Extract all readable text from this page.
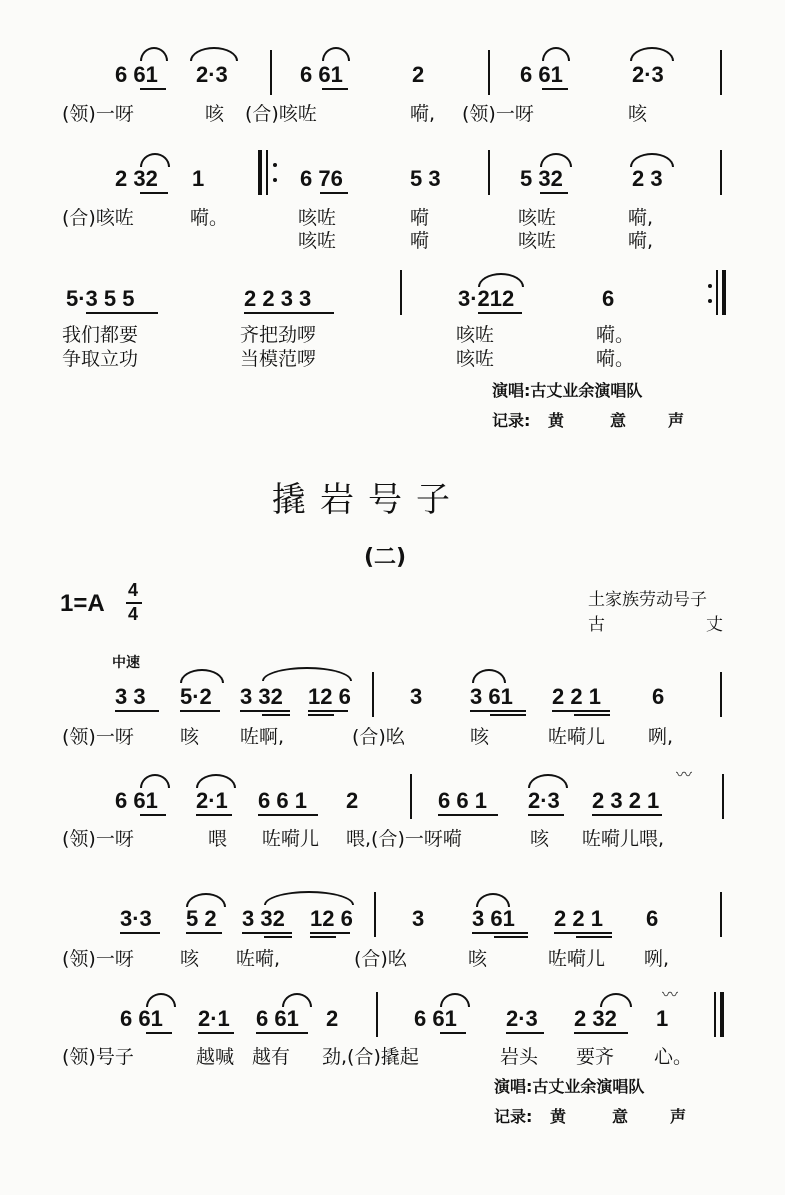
6 61 2·3	6 61	2	6 61	2·3
(领)一呀	咳 (合)咳咗	嗬, (领)一呀	咳
2 32 1	6 76	5 3	5 32	2 3
(合)咳咗	嗬。	咳咗	嗬	咳咗	嗬,
咳咗	嗬	咳咗	嗬,
5·3 5 5	2 2 3 3	3·212	6
我们都要	齐把劲啰	咳咗	嗬。
争取立功	当模范啰	咳咗	嗬。
演唱:古丈业余演唱队
记录: 黄	意	声
撬岩号子
(二)
1=A 4
4
土家族劳动号子
古	丈
中速
3 3 5·2 3 32 12 6	3 3 61 2 2 1 6
(领)一呀 咳 咗啊,	(合)吆	咳	咗嗬儿 咧,
〰
6 61 2·1 6 6 1 2	6 6 1 2·3 2 3 2 1
(领)一呀	喂 咗嗬儿 喂,(合)一呀嗬	咳 咗嗬儿喂,
3·3 5 2 3 32 12 6	3 3 61 2 2 1 6
(领)一呀 咳 咗嗬,	(合)吆	咳	咗嗬儿 咧,
〰
6 61 2·1 6 61 2	6 61 2·3 2 32 1
(领)号子	越喊 越有 劲,(合)撬起	岩头 要齐 心。
演唱:古丈业余演唱队
记录: 黄	意	声
